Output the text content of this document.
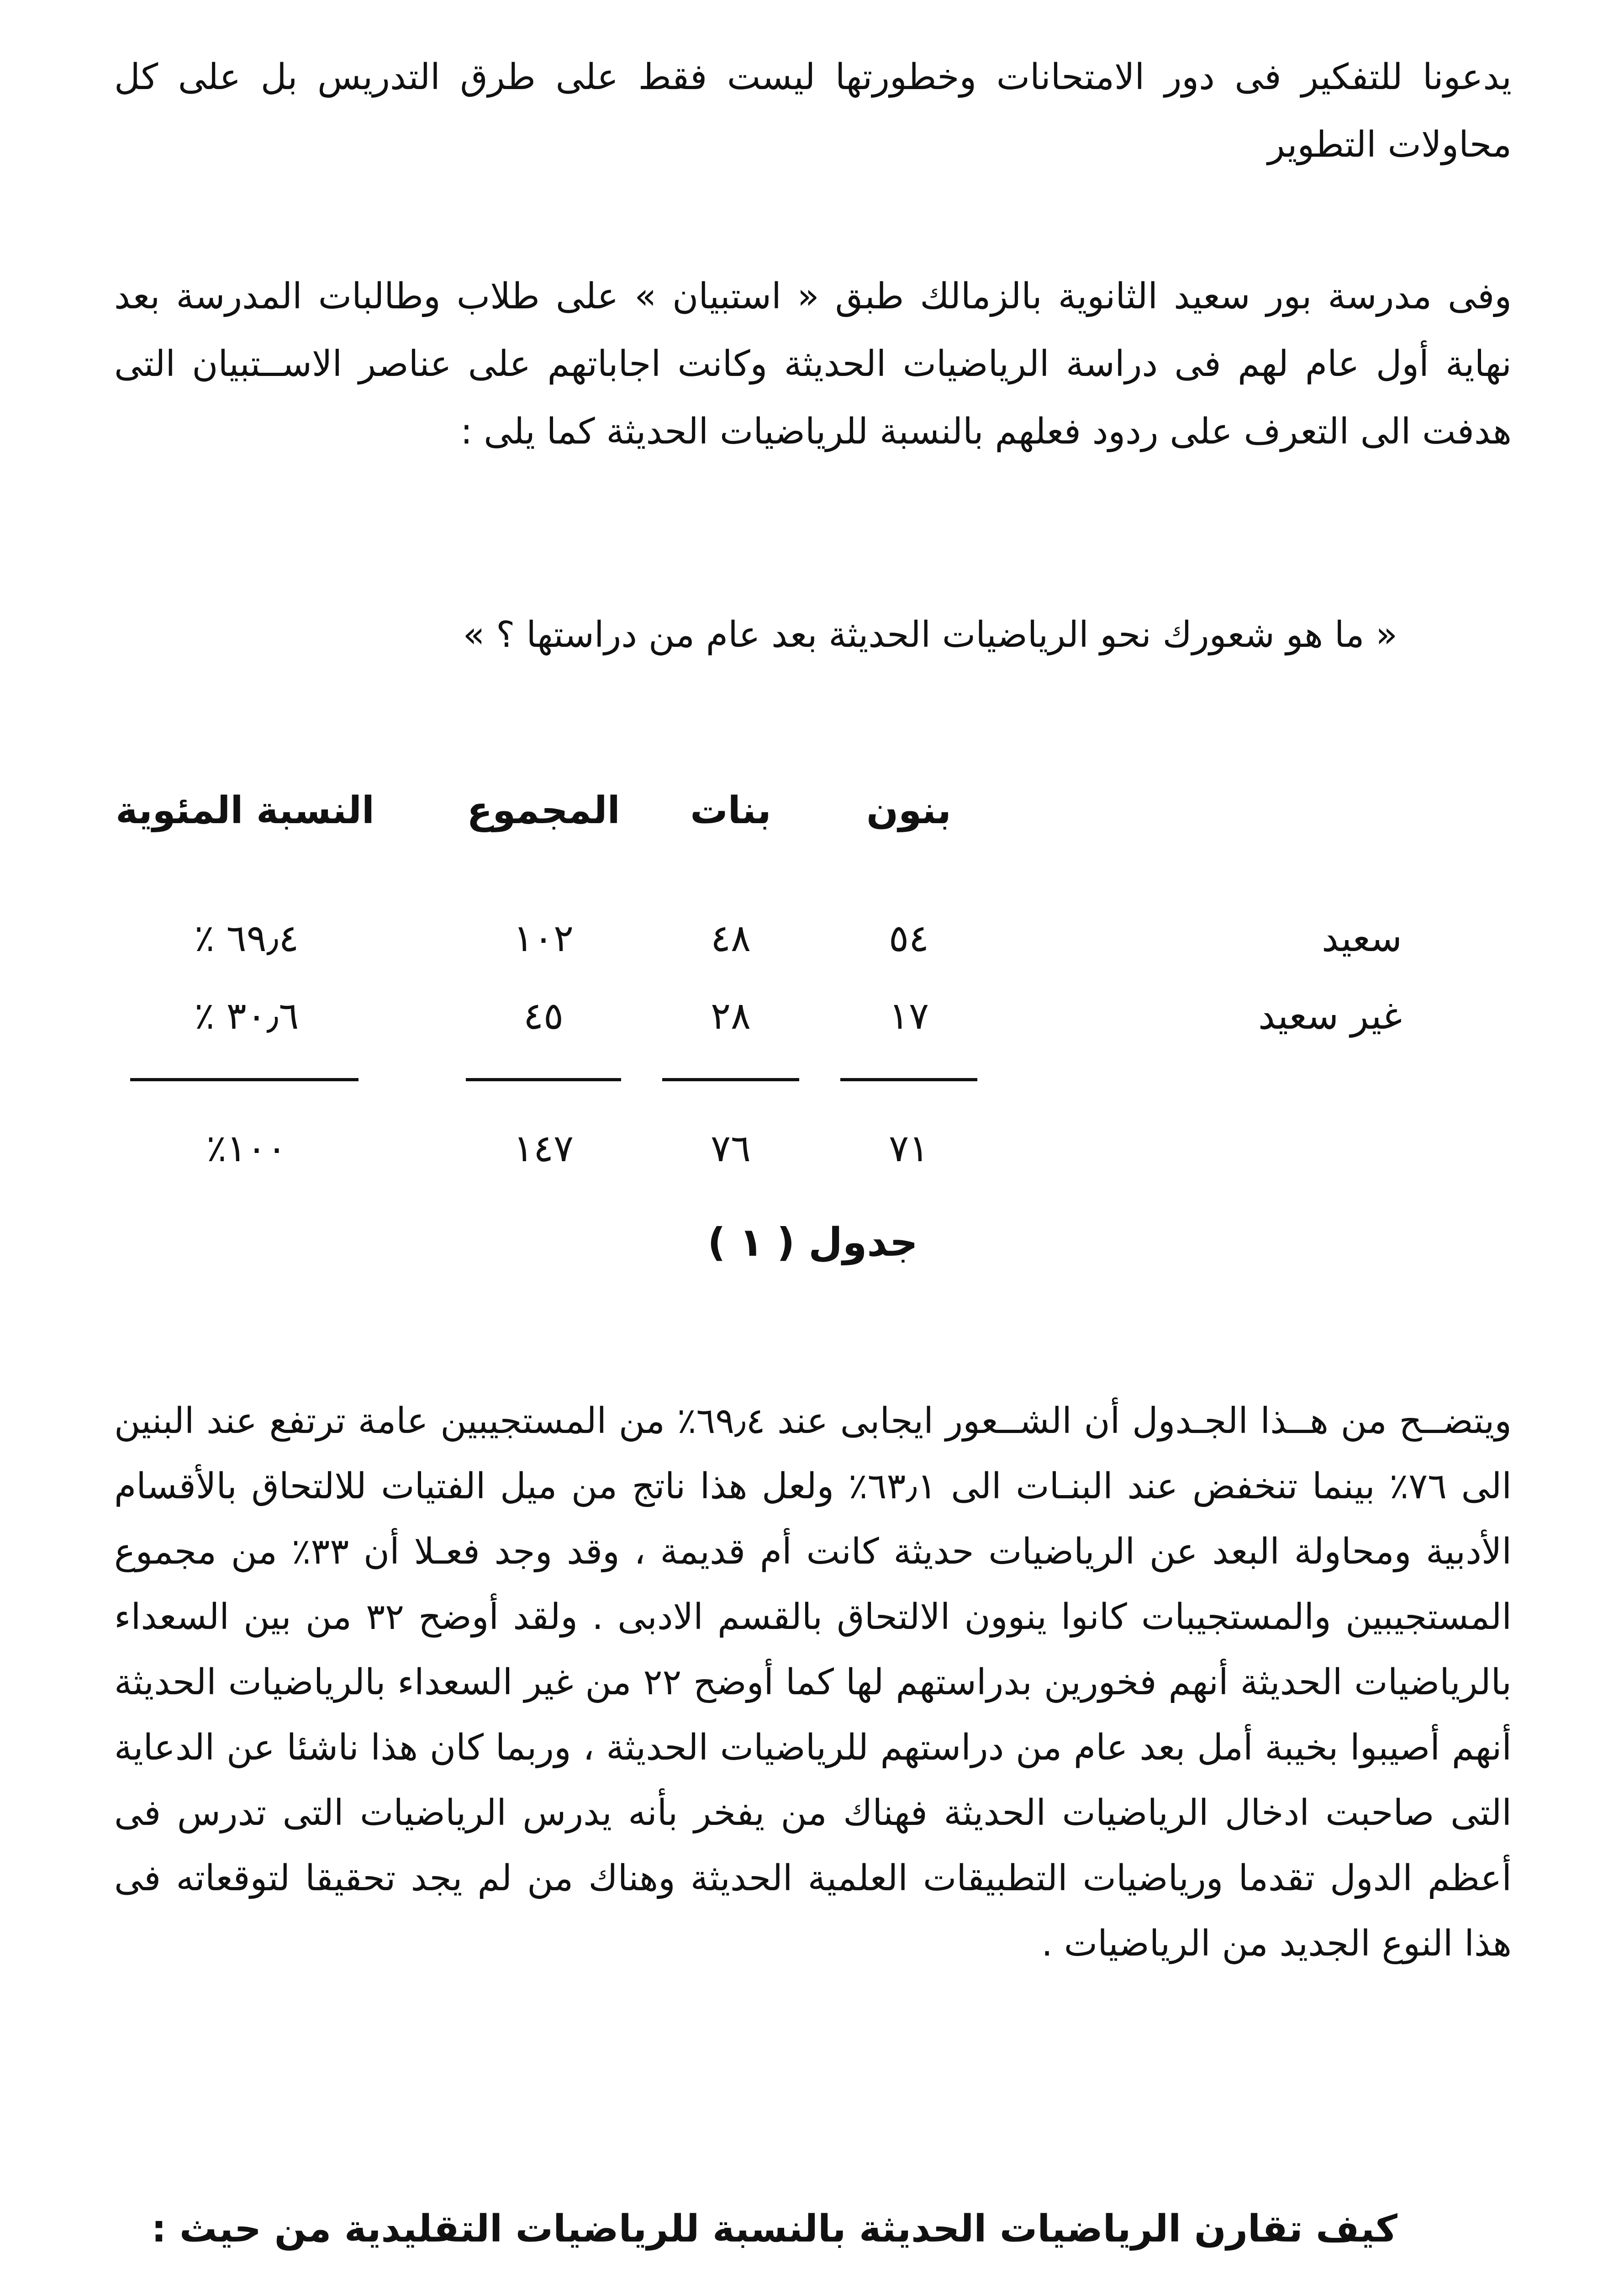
يدعونا للتفكير فى دور الامتحانات وخطورتها ليست فقط على طرق التدريس بل على كل محاولات التطوير

وفى مدرسة بور سعيد الثانوية بالزمالك طبق « استبيان » على طلاب وطالبات المدرسة بعد نهاية أول عام لهم فى دراسة الرياضيات الحديثة وكانت اجاباتهم على عناصر الاســتبيان التى هدفت الى التعرف على ردود فعلهم بالنسبة للرياضيات الحديثة كما يلى :

« ما هو شعورك نحو الرياضيات الحديثة بعد عام من دراستها ؟ »
بنون
بنات
المجموع
النسبة المئوية
سعيد
٥٤
٤٨
١٠٢
٦٩٫٤ ٪
غير سعيد
١٧
٢٨
٤٥
٣٠٫٦ ٪
٧١
٧٦
١٤٧
١٠٠٪
جدول ( ١ )

ويتضــح من هــذا الجـدول أن الشــعور ايجابى عند ٦٩٫٤٪ من المستجيبين عامة ترتفع عند البنين الى ٧٦٪ بينما تنخفض عند البنـات الى ٦٣٫١٪ ولعل هذا ناتج من ميل الفتيات للالتحاق بالأقسام الأدبية ومحاولة البعد عن الرياضيات حديثة كانت أم قديمة ، وقد وجد فعـلا أن ٣٣٪ من مجموع المستجيبين والمستجيبات كانوا ينوون الالتحاق بالقسم الادبى . ولقد أوضح ٣٢ من بين السعداء بالرياضيات الحديثة أنهم فخورين بدراستهم لها كما أوضح ٢٢ من غير السعداء بالرياضيات الحديثة أنهم أصيبوا بخيبة أمل بعد عام من دراستهم للرياضيات الحديثة ، وربما كان هذا ناشئا عن الدعاية التى صاحبت ادخال الرياضيات الحديثة فهناك من يفخر بأنه يدرس الرياضيات التى تدرس فى أعظم الدول تقدما ورياضيات التطبيقات العلمية الحديثة وهناك من لم يجد تحقيقا لتوقعاته فى هذا النوع الجديد من الرياضيات .

كيف تقارن الرياضيات الحديثة بالنسبة للرياضيات التقليدية من حيث :
